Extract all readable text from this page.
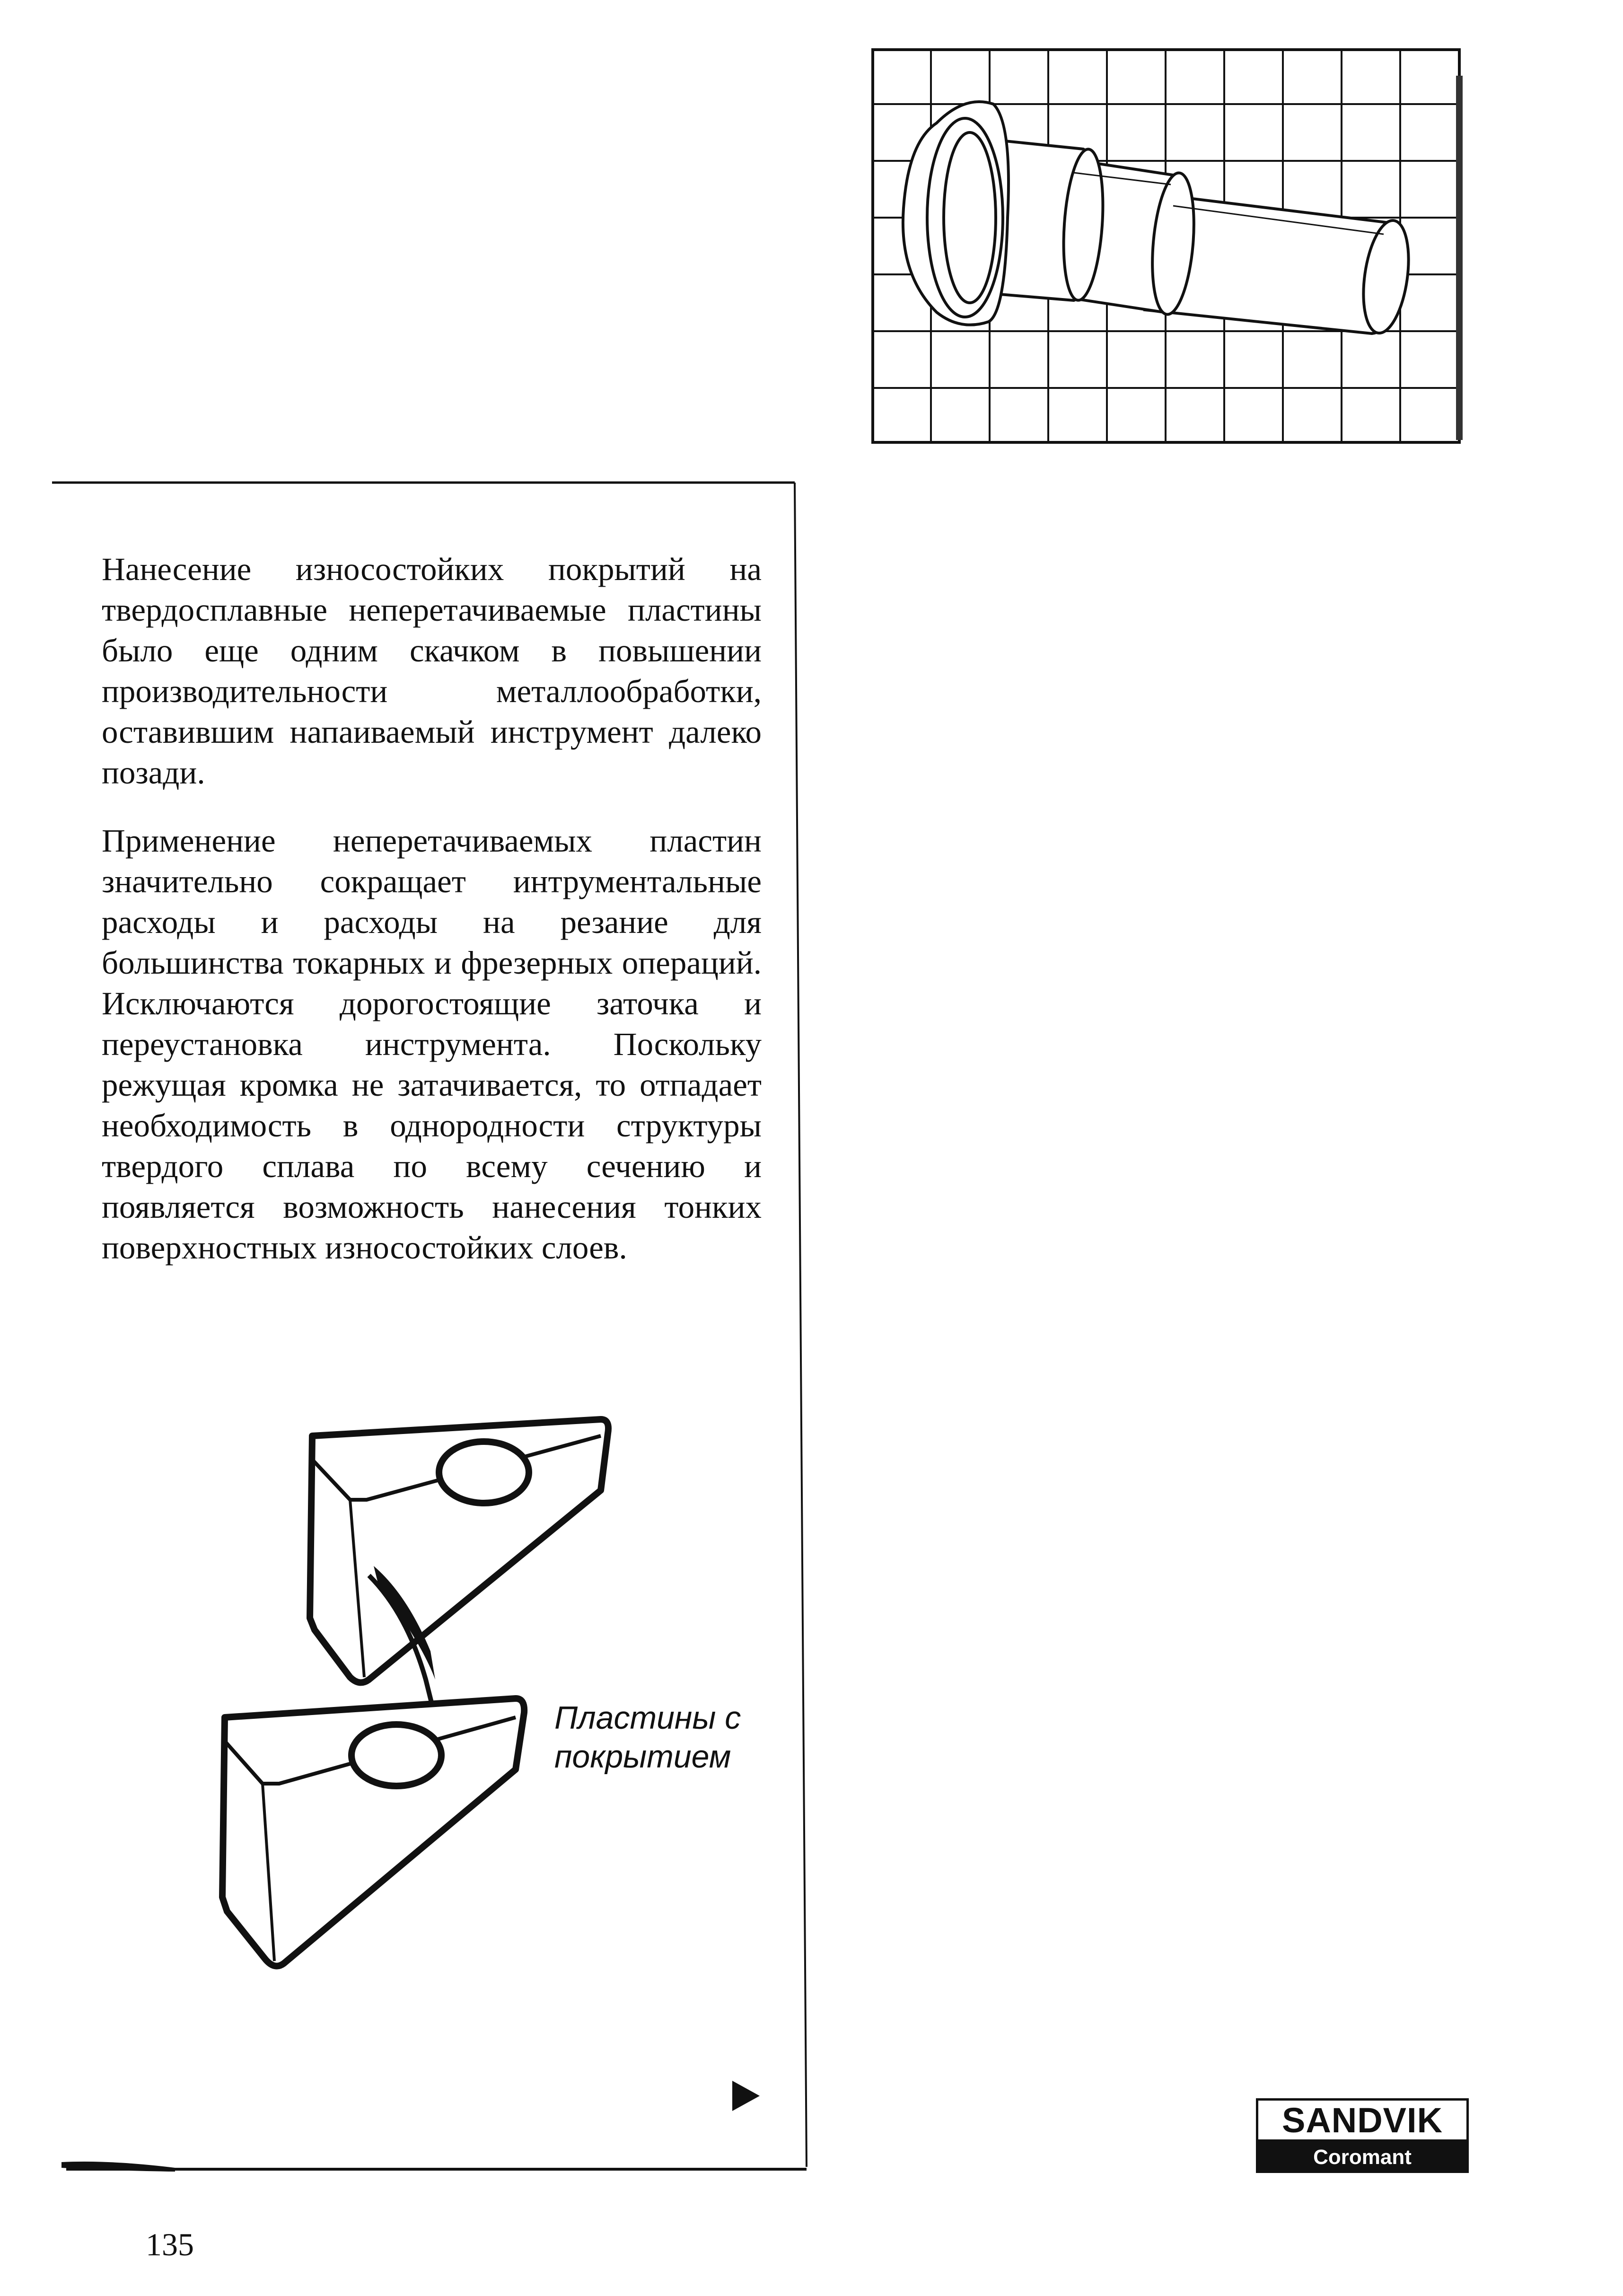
Нанесение износостойких покрытий на твердосплавные неперетачиваемые пластины было еще одним скачком в повышении производительности металлообработки, оставившим напаиваемый инструмент далеко позади.

Применение неперетачиваемых пластин значительно сокращает интрументальные расходы и расходы на резание для большинства токарных и фрезерных операций. Исключаются дорогостоящие заточка и переустановка инструмента. Поскольку режущая кромка не затачивается, то отпадает необходимость в однородности структуры твердого сплава по всему сечению и появляется возможность нанесения тонких поверхностных износостойких слоев.

Пластины с
покрытием
SANDVIK
Coromant
135
